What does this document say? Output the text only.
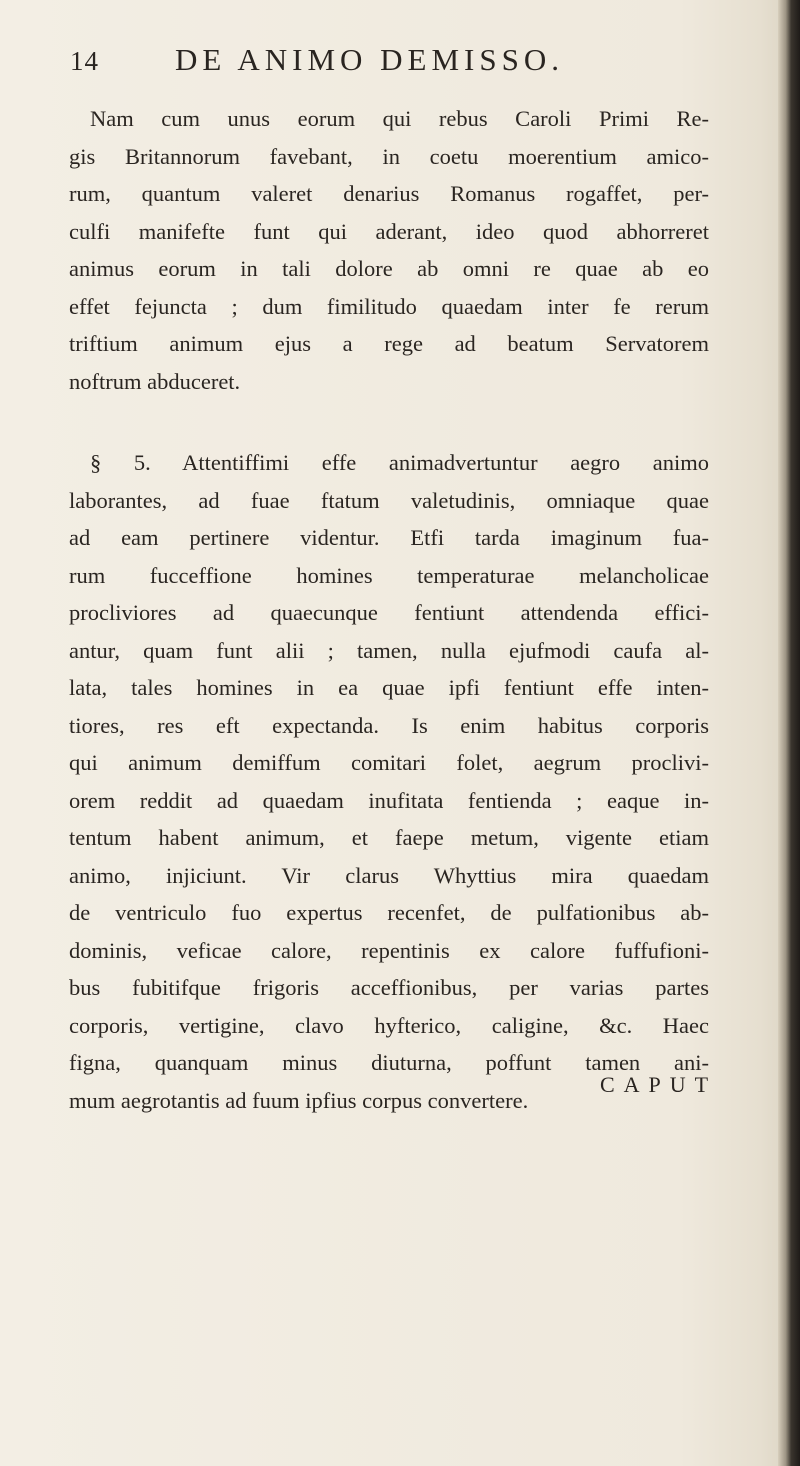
14 DE ANIMO DEMISSO.
Nam cum unus eorum qui rebus Caroli Primi Re-
gis Britannorum favebant, in coetu moerentium amico-
rum, quantum valeret denarius Romanus rogaffet, per-
culfi manifefte funt qui aderant, ideo quod abhorreret
animus eorum in tali dolore ab omni re quae ab eo
effet fejuncta ; dum fimilitudo quaedam inter fe rerum
triftium animum ejus a rege ad beatum Servatorem
noftrum abduceret.
§ 5. Attentiffimi effe animadvertuntur aegro animo
laborantes, ad fuae ftatum valetudinis, omniaque quae
ad eam pertinere videntur. Etfi tarda imaginum fua-
rum fucceffione homines temperaturae melancholicae
procliviores ad quaecunque fentiunt attendenda effici-
antur, quam funt alii ; tamen, nulla ejufmodi caufa al-
lata, tales homines in ea quae ipfi fentiunt effe inten-
tiores, res eft expectanda. Is enim habitus corporis
qui animum demiffum comitari folet, aegrum proclivi-
orem reddit ad quaedam inufitata fentienda ; eaque in-
tentum habent animum, et faepe metum, vigente etiam
animo, injiciunt. Vir clarus Whyttius mira quaedam
de ventriculo fuo expertus recenfet, de pulfationibus ab-
dominis, veficae calore, repentinis ex calore fuffufioni-
bus fubitifque frigoris acceffionibus, per varias partes
corporis, vertigine, clavo hyfterico, caligine, &c. Haec
figna, quanquam minus diuturna, poffunt tamen ani-
mum aegrotantis ad fuum ipfius corpus convertere.
CAPUT
